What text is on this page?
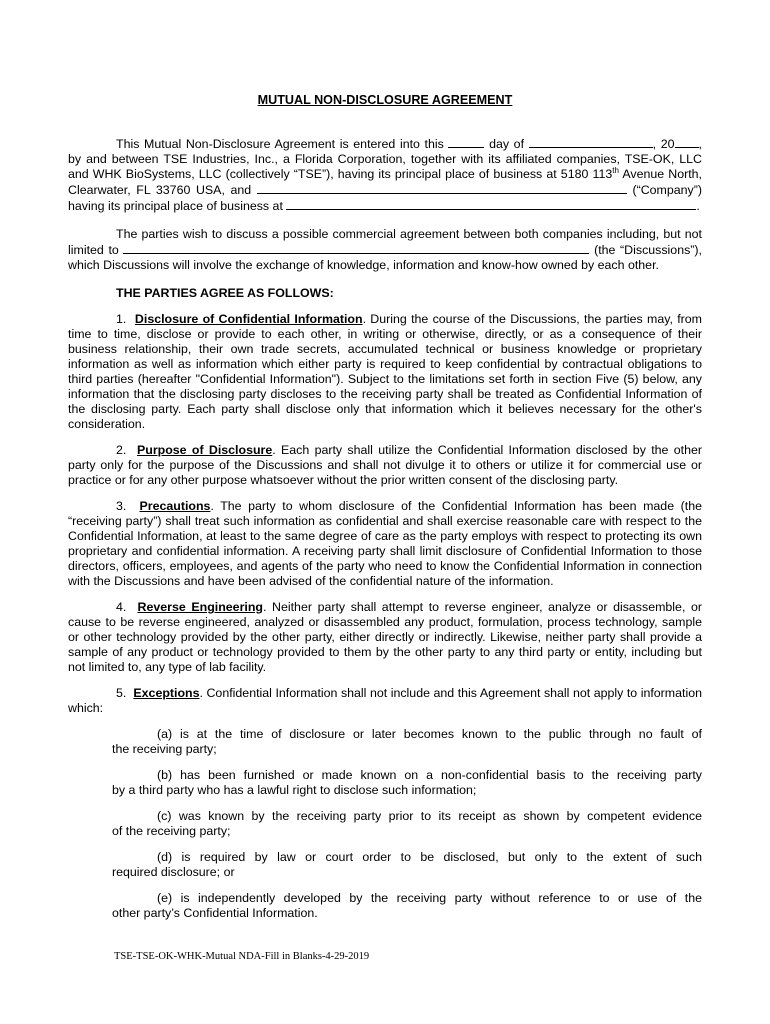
MUTUAL NON-DISCLOSURE AGREEMENT

This Mutual Non-Disclosure Agreement is entered into this	day of	, 20 ,

by and between TSE Industries, Inc., a Florida Corporation, together with its affiliated companies, TSE-OK, LLC

and WHK BioSystems, LLC (collectively “TSE”), having its principal place of business at 5180 113th Avenue North,

Clearwater, FL 33760 USA, and	(“Company”)

having its principal place of business at	.

The parties wish to discuss a possible commercial agreement between both companies including, but not

limited to	(the “Discussions”),

which Discussions will involve the exchange of knowledge, information and know-how owned by each other.

THE PARTIES AGREE AS FOLLOWS:

1. Disclosure of Confidential Information. During the course of the Discussions, the parties may, from time to time, disclose or provide to each other, in writing or otherwise, directly, or as a consequence of their business relationship, their own trade secrets, accumulated technical or business knowledge or proprietary information as well as information which either party is required to keep confidential by contractual obligations to third parties (hereafter "Confidential Information"). Subject to the limitations set forth in section Five (5) below, any information that the disclosing party discloses to the receiving party shall be treated as Confidential Information of the disclosing party. Each party shall disclose only that information which it believes necessary for the other's consideration.

2. Purpose of Disclosure. Each party shall utilize the Confidential Information disclosed by the other party only for the purpose of the Discussions and shall not divulge it to others or utilize it for commercial use or practice or for any other purpose whatsoever without the prior written consent of the disclosing party.

3. Precautions. The party to whom disclosure of the Confidential Information has been made (the “receiving party”) shall treat such information as confidential and shall exercise reasonable care with respect to the Confidential Information, at least to the same degree of care as the party employs with respect to protecting its own proprietary and confidential information. A receiving party shall limit disclosure of Confidential Information to those directors, officers, employees, and agents of the party who need to know the Confidential Information in connection with the Discussions and have been advised of the confidential nature of the information.

4. Reverse Engineering. Neither party shall attempt to reverse engineer, analyze or disassemble, or cause to be reverse engineered, analyzed or disassembled any product, formulation, process technology, sample or other technology provided by the other party, either directly or indirectly. Likewise, neither party shall provide a sample of any product or technology provided to them by the other party to any third party or entity, including but not limited to, any type of lab facility.

5. Exceptions. Confidential Information shall not include and this Agreement shall not apply to information which:

(a) is at the time of disclosure or later becomes known to the public through no fault of

the receiving party;

(b) has been furnished or made known on a non-confidential basis to the receiving party

by a third party who has a lawful right to disclose such information;

(c) was known by the receiving party prior to its receipt as shown by competent evidence

of the receiving party;

(d) is required by law or court order to be disclosed, but only to the extent of such

required disclosure; or

(e) is independently developed by the receiving party without reference to or use of the

other party’s Confidential Information.

TSE-TSE-OK-WHK-Mutual NDA-Fill in Blanks-4-29-2019
